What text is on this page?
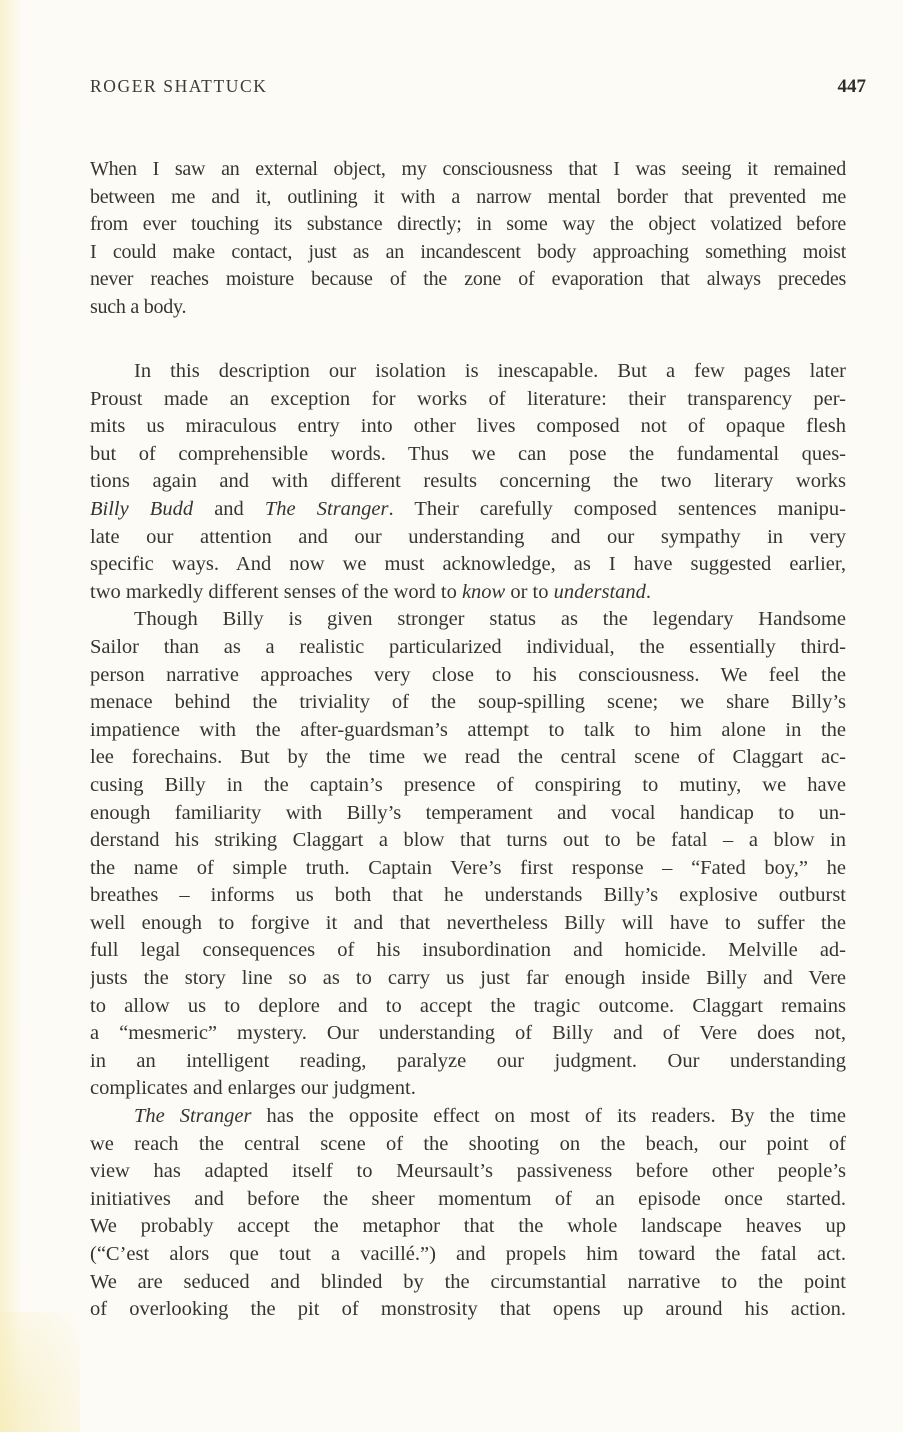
ROGER SHATTUCK	447
When I saw an external object, my consciousness that I was seeing it remained
between me and it, outlining it with a narrow mental border that prevented me
from ever touching its substance directly; in some way the object volatized before
I could make contact, just as an incandescent body approaching something moist
never reaches moisture because of the zone of evaporation that always precedes
such a body.
In this description our isolation is inescapable. But a few pages later
Proust made an exception for works of literature: their transparency per-
mits us miraculous entry into other lives composed not of opaque flesh
but of comprehensible words. Thus we can pose the fundamental ques-
tions again and with different results concerning the two literary works
Billy Budd and The Stranger. Their carefully composed sentences manipu-
late our attention and our understanding and our sympathy in very
specific ways. And now we must acknowledge, as I have suggested earlier,
two markedly different senses of the word to know or to understand.
Though Billy is given stronger status as the legendary Handsome
Sailor than as a realistic particularized individual, the essentially third-
person narrative approaches very close to his consciousness. We feel the
menace behind the triviality of the soup-spilling scene; we share Billy’s
impatience with the after-guardsman’s attempt to talk to him alone in the
lee forechains. But by the time we read the central scene of Claggart ac-
cusing Billy in the captain’s presence of conspiring to mutiny, we have
enough familiarity with Billy’s temperament and vocal handicap to un-
derstand his striking Claggart a blow that turns out to be fatal – a blow in
the name of simple truth. Captain Vere’s first response – “Fated boy,” he
breathes – informs us both that he understands Billy’s explosive outburst
well enough to forgive it and that nevertheless Billy will have to suffer the
full legal consequences of his insubordination and homicide. Melville ad-
justs the story line so as to carry us just far enough inside Billy and Vere
to allow us to deplore and to accept the tragic outcome. Claggart remains
a “mesmeric” mystery. Our understanding of Billy and of Vere does not,
in an intelligent reading, paralyze our judgment. Our understanding
complicates and enlarges our judgment.
The Stranger has the opposite effect on most of its readers. By the time
we reach the central scene of the shooting on the beach, our point of
view has adapted itself to Meursault’s passiveness before other people’s
initiatives and before the sheer momentum of an episode once started.
We probably accept the metaphor that the whole landscape heaves up
(“C’est alors que tout a vacillé.”) and propels him toward the fatal act.
We are seduced and blinded by the circumstantial narrative to the point
of overlooking the pit of monstrosity that opens up around his action.
